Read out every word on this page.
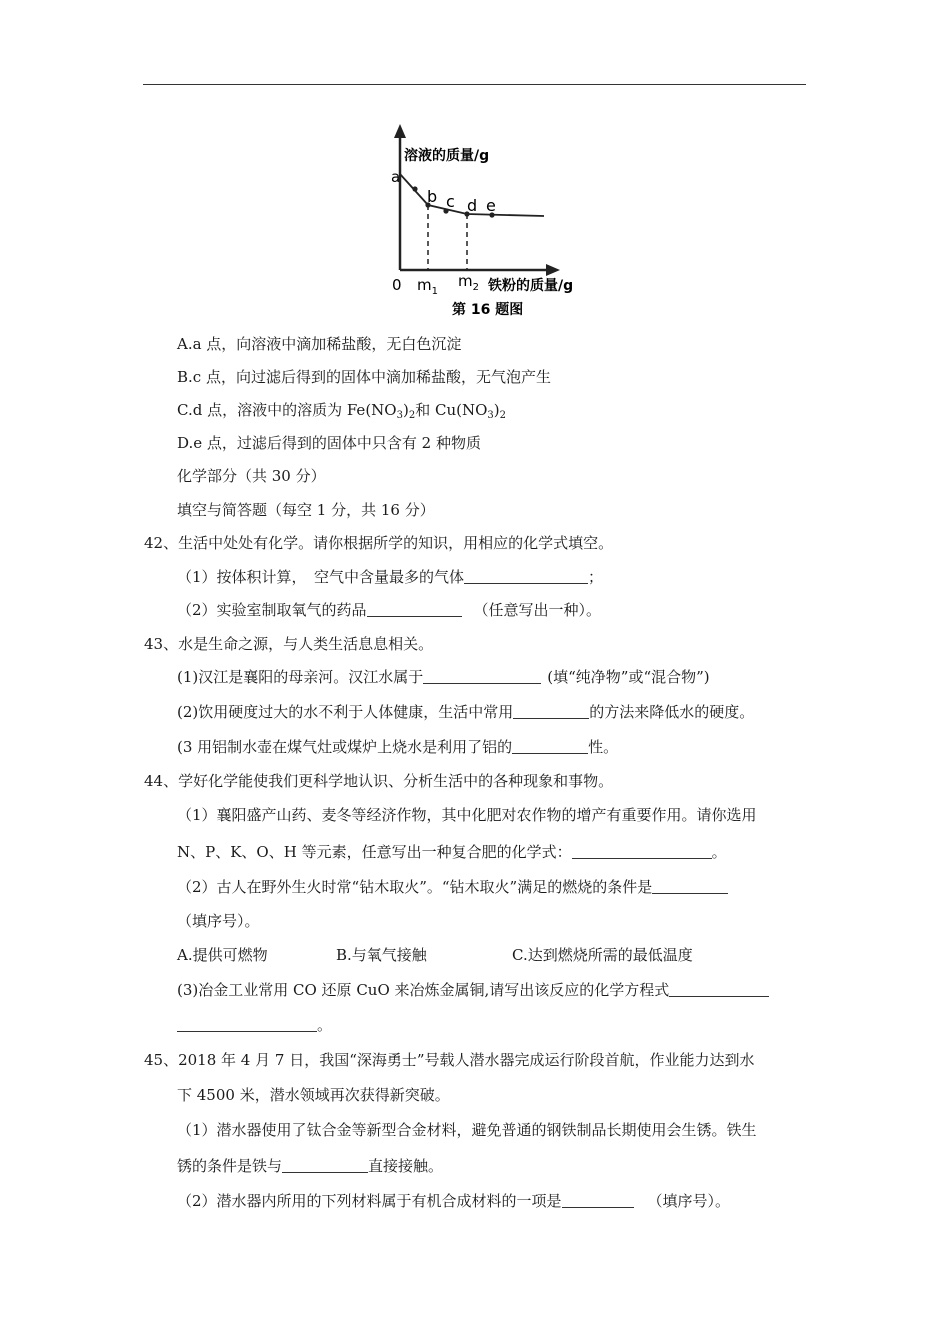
溶液的质量/g
a
b c d e
0 $m_1$
$m_2$ 铁粉的质量/g
第 16 题图
A.a 点，向溶液中滴加稀盐酸，无白色沉淀
B.c 点，向过滤后得到的固体中滴加稀盐酸，无气泡产生
C.d 点，溶液中的溶质为 $Fe(NO_3)_2$和 $Cu(NO_3)_2$
D.e 点，过滤后得到的固体中只含有 2 种物质
化学部分（共 30 分）
填空与简答题（每空 1 分，共 16 分）
42、生活中处处有化学。请你根据所学的知识，用相应的化学式填空。
（1）按体积计算，　空气中含量最多的气体	；
（2）实验室制取氧气的药品	（任意写出一种）。
43、水是生命之源，与人类生活息息相关。
(1)汉江是襄阳的母亲河。汉江水属于	(填“纯净物”或“混合物”)
(2)饮用硬度过大的水不利于人体健康，生活中常用	的方法来降低水的硬度。
(3 用铝制水壶在煤气灶或煤炉上烧水是利用了铝的	性。
44、学好化学能使我们更科学地认识、分析生活中的各种现象和事物。
（1）襄阳盛产山药、麦冬等经济作物，其中化肥对农作物的增产有重要作用。请你选用
N、P、K、O、H 等元素，任意写出一种复合肥的化学式：	。
（2）古人在野外生火时常“钻木取火”。“钻木取火”满足的燃烧的条件是
（填序号）。
A.提供可燃物	B.与氧气接触	C.达到燃烧所需的最低温度
(3)冶金工业常用 CO 还原 CuO 来冶炼金属铜,请写出该反应的化学方程式
。
45、2018 年 4 月 7 日，我国“深海勇士”号载人潜水器完成运行阶段首航，作业能力达到水
下 4500 米，潜水领域再次获得新突破。
（1）潜水器使用了钛合金等新型合金材料，避免普通的钢铁制品长期使用会生锈。铁生
锈的条件是铁与	直接接触。
（2）潜水器内所用的下列材料属于有机合成材料的一项是	（填序号）。
